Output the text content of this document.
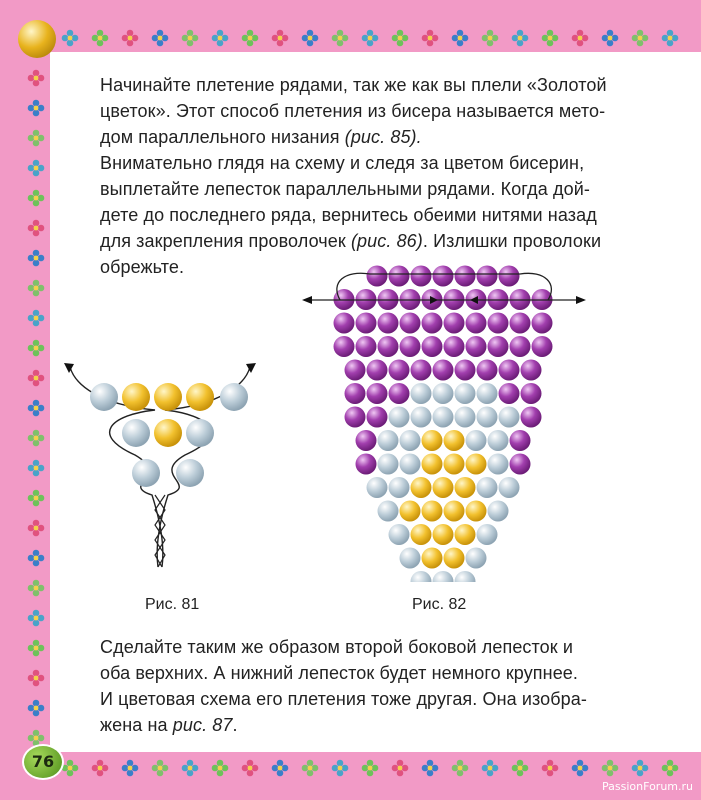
Начинайте плетение рядами, так же как вы плели «Золотой
цветок». Этот способ плетения из бисера называется мето-
дом параллельного низания (рис. 85).

Внимательно глядя на схему и следя за цветом бисерин,
выплетайте лепесток параллельными рядами. Когда дой-
дете до последнего ряда, вернитесь обеими нитями назад
для закрепления проволочек (рис. 86). Излишки проволоки
обрежьте.

Рис. 81	Рис. 82

Сделайте таким же образом второй боковой лепесток и
оба верхних. А нижний лепесток будет немного крупнее.

И цветовая схема его плетения тоже другая. Она изобра-
жена на рис. 87.

76
PassionForum.ru
